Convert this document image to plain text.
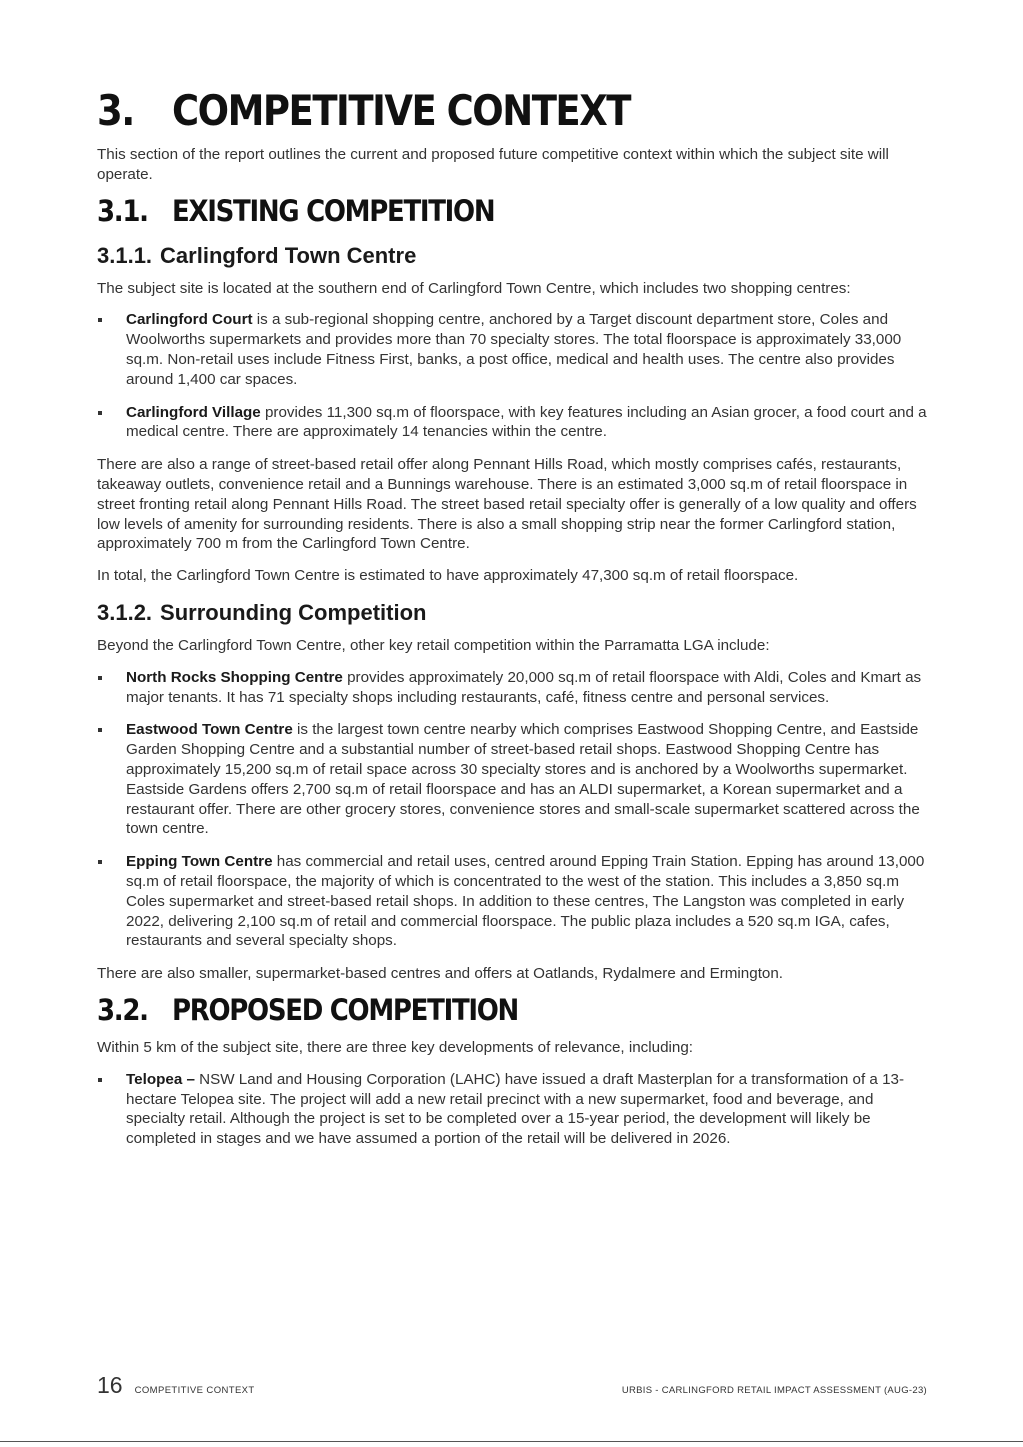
3.	COMPETITIVE CONTEXT

This section of the report outlines the current and proposed future competitive context within which the subject site will operate.

3.1. EXISTING COMPETITION
3.1.1. Carlingford Town Centre

The subject site is located at the southern end of Carlingford Town Centre, which includes two shopping centres:

Carlingford Court is a sub-regional shopping centre, anchored by a Target discount department store, Coles and Woolworths supermarkets and provides more than 70 specialty stores. The total floorspace is approximately 33,000 sq.m. Non-retail uses include Fitness First, banks, a post office, medical and health uses. The centre also provides around 1,400 car spaces.
Carlingford Village provides 11,300 sq.m of floorspace, with key features including an Asian grocer, a food court and a medical centre. There are approximately 14 tenancies within the centre.

There are also a range of street-based retail offer along Pennant Hills Road, which mostly comprises cafés, restaurants, takeaway outlets, convenience retail and a Bunnings warehouse. There is an estimated 3,000 sq.m of retail floorspace in street fronting retail along Pennant Hills Road. The street based retail specialty offer is generally of a low quality and offers low levels of amenity for surrounding residents. There is also a small shopping strip near the former Carlingford station, approximately 700 m from the Carlingford Town Centre.

In total, the Carlingford Town Centre is estimated to have approximately 47,300 sq.m of retail floorspace.

3.1.2. Surrounding Competition

Beyond the Carlingford Town Centre, other key retail competition within the Parramatta LGA include:

North Rocks Shopping Centre provides approximately 20,000 sq.m of retail floorspace with Aldi, Coles and Kmart as major tenants. It has 71 specialty shops including restaurants, café, fitness centre and personal services.
Eastwood Town Centre is the largest town centre nearby which comprises Eastwood Shopping Centre, and Eastside Garden Shopping Centre and a substantial number of street-based retail shops. Eastwood Shopping Centre has approximately 15,200 sq.m of retail space across 30 specialty stores and is anchored by a Woolworths supermarket. Eastside Gardens offers 2,700 sq.m of retail floorspace and has an ALDI supermarket, a Korean supermarket and a restaurant offer. There are other grocery stores, convenience stores and small-scale supermarket scattered across the town centre.
Epping Town Centre has commercial and retail uses, centred around Epping Train Station. Epping has around 13,000 sq.m of retail floorspace, the majority of which is concentrated to the west of the station. This includes a 3,850 sq.m Coles supermarket and street-based retail shops. In addition to these centres, The Langston was completed in early 2022, delivering 2,100 sq.m of retail and commercial floorspace. The public plaza includes a 520 sq.m IGA, cafes, restaurants and several specialty shops.

There are also smaller, supermarket-based centres and offers at Oatlands, Rydalmere and Ermington.

3.2. PROPOSED COMPETITION

Within 5 km of the subject site, there are three key developments of relevance, including:

Telopea – NSW Land and Housing Corporation (LAHC) have issued a draft Masterplan for a transformation of a 13-hectare Telopea site. The project will add a new retail precinct with a new supermarket, food and beverage, and specialty retail. Although the project is set to be completed over a 15-year period, the development will likely be completed in stages and we have assumed a portion of the retail will be delivered in 2026.
16 COMPETITIVE CONTEXT	URBIS - CARLINGFORD RETAIL IMPACT ASSESSMENT (AUG-23)
